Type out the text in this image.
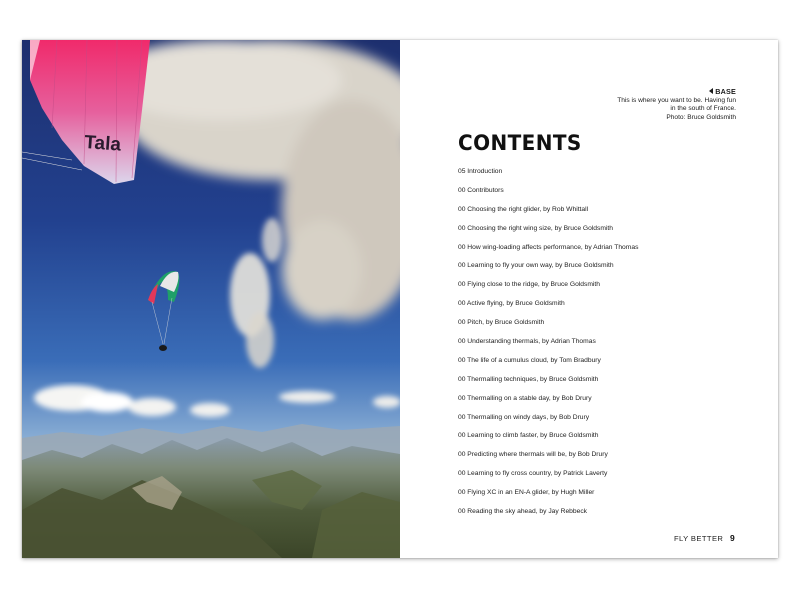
Tala
BASE
This is where you want to be. Having fun
in the south of France.
Photo: Bruce Goldsmith
CONTENTS
05 Introduction
00 Contributors
00 Choosing the right glider, by Rob Whittall
00 Choosing the right wing size, by Bruce Goldsmith
00 How wing-loading affects performance, by Adrian Thomas
00 Learning to fly your own way, by Bruce Goldsmith
00 Flying close to the ridge, by Bruce Goldsmith
00 Active flying, by Bruce Goldsmith
00 Pitch, by Bruce Goldsmith
00 Understanding thermals, by Adrian Thomas
00 The life of a cumulus cloud, by Tom Bradbury
00 Thermalling techniques, by Bruce Goldsmith
00 Thermalling on a stable day, by Bob Drury
00 Thermalling on windy days, by Bob Drury
00 Learning to climb faster, by Bruce Goldsmith
00 Predicting where thermals will be, by Bob Drury
00 Learning to fly cross country, by Patrick Laverty
00 Flying XC in an EN-A glider, by Hugh Miller
00 Reading the sky ahead, by Jay Rebbeck
FLY BETTER 9
